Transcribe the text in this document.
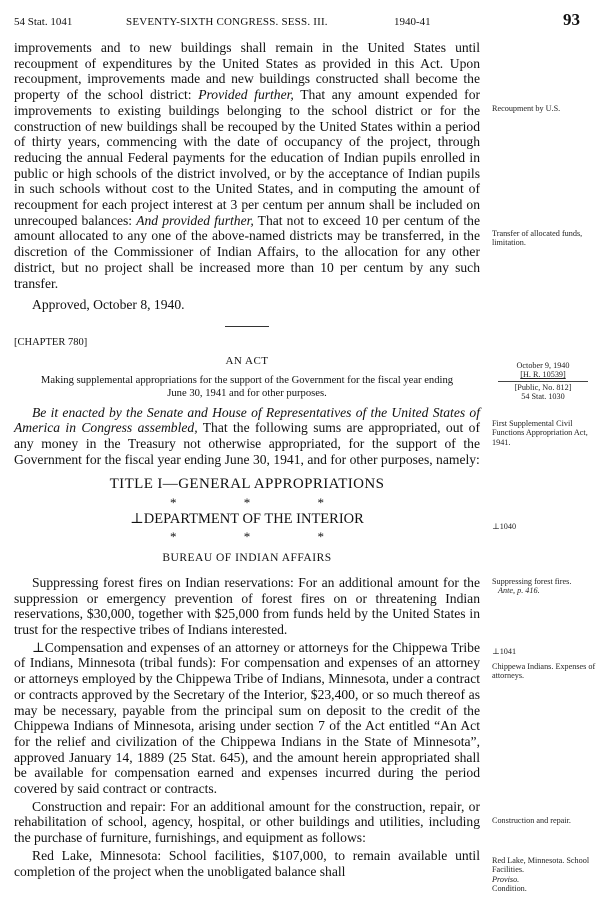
54 Stat. 1041	SEVENTY-SIXTH CONGRESS. SESS. III.	1940-41	93

improvements and to new buildings shall remain in the United States until recoupment of expenditures by the United States as provided in this Act. Upon recoupment, improvements made and new buildings constructed shall become the property of the school district: Provided further, That any amount expended for improvements to existing buildings belonging to the school district or for the construction of new buildings shall be recouped by the United States within a period of thirty years, commencing with the date of occupancy of the project, through reducing the annual Federal payments for the education of Indian pupils enrolled in public or high schools of the district involved, or by the acceptance of Indian pupils in such schools without cost to the United States, and in computing the amount of recoupment for each project interest at 3 per centum per annum shall be included on unrecouped balances: And provided further, That not to exceed 10 per centum of the amount allocated to any one of the above-named districts may be transferred, in the discretion of the Commissioner of Indian Affairs, to the allocation for any other district, but no project shall be increased more than 10 per centum by any such transfer.

Approved, October 8, 1940.

[CHAPTER 780]

AN ACT

Making supplemental appropriations for the support of the Government for the fiscal year ending June 30, 1941 and for other purposes.

Be it enacted by the Senate and House of Representatives of the United States of America in Congress assembled, That the following sums are appropriated, out of any money in the Treasury not otherwise appropriated, for the support of the Government for the fiscal year ending June 30, 1941, and for other purposes, namely:

TITLE I—GENERAL APPROPRIATIONS

* * *

⊥DEPARTMENT OF THE INTERIOR

* * *

BUREAU OF INDIAN AFFAIRS

Suppressing forest fires on Indian reservations: For an additional amount for the suppression or emergency prevention of forest fires on or threatening Indian reservations, $30,000, together with $25,000 from funds held by the United States in trust for the respective tribes of Indians interested.

⊥Compensation and expenses of an attorney or attorneys for the Chippewa Tribe of Indians, Minnesota (tribal funds): For compensation and expenses of an attorney or attorneys employed by the Chippewa Tribe of Indians, Minnesota, under a contract or contracts approved by the Secretary of the Interior, $23,400, or so much thereof as may be necessary, payable from the principal sum on deposit to the credit of the Chippewa Indians of Minnesota, arising under section 7 of the Act entitled “An Act for the relief and civilization of the Chippewa Indians in the State of Minnesota”, approved January 14, 1889 (25 Stat. 645), and the amount herein appropriated shall be available for compensation earned and expenses incurred during the period covered by said contract or contracts.

Construction and repair: For an additional amount for the construction, repair, or rehabilitation of school, agency, hospital, or other buildings and utilities, including the purchase of furniture, furnishings, and equipment as follows:

Red Lake, Minnesota: School facilities, $107,000, to remain available until completion of the project when the unobligated balance shall

Recoupment by U.S.
Transfer of allocated funds, limitation.
October 9, 1940
[H. R. 10539]
[Public, No. 812]
54 Stat. 1030
First Supplemental Civil Functions Appropriation Act, 1941.
⊥1040
Suppressing forest fires.
Ante, p. 416.
⊥1041
Chippewa Indians. Expenses of attorneys.
Construction and repair.
Red Lake, Minnesota. School Facilities.
Proviso.
Condition.
